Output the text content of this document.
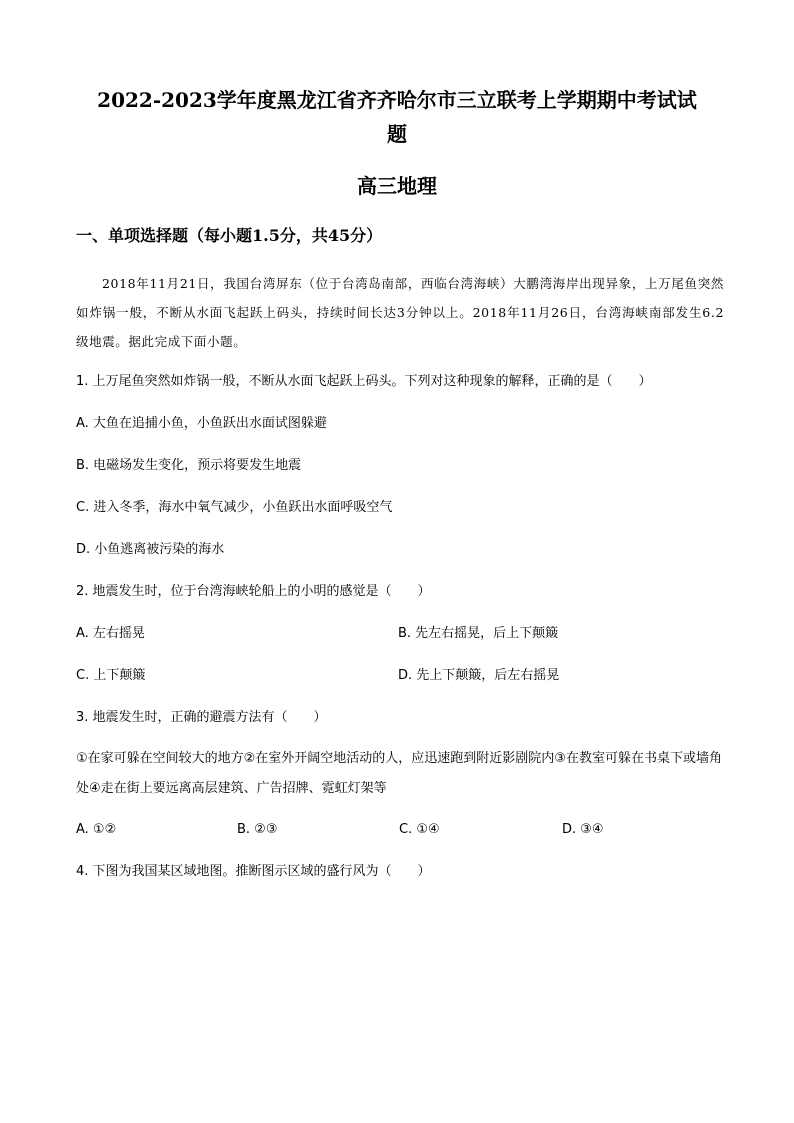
2022-2023学年度黑龙江省齐齐哈尔市三立联考上学期期中考试试
题
高三地理
一、单项选择题（每小题1.5分，共45分）
2018年11月21日，我国台湾屏东（位于台湾岛南部，西临台湾海峡）大鹏湾海岸出现异象，上万尾鱼突然如炸锅一般，不断从水面飞起跃上码头，持续时间长达3分钟以上。2018年11月26日，台湾海峡南部发生6.2级地震。据此完成下面小题。
1. 上万尾鱼突然如炸锅一般，不断从水面飞起跃上码头。下列对这种现象的解释，正确的是（　　）
A. 大鱼在追捕小鱼，小鱼跃出水面试图躲避
B. 电磁场发生变化，预示将要发生地震
C. 进入冬季，海水中氧气减少，小鱼跃出水面呼吸空气
D. 小鱼逃离被污染的海水
2. 地震发生时，位于台湾海峡轮船上的小明的感觉是（　　）
A. 左右摇晃	B. 先左右摇晃，后上下颠簸
C. 上下颠簸	D. 先上下颠簸，后左右摇晃
3. 地震发生时，正确的避震方法有（　　）
①在家可躲在空间较大的地方②在室外开阔空地活动的人，应迅速跑到附近影剧院内③在教室可躲在书桌下或墙角处④走在街上要远离高层建筑、广告招牌、霓虹灯架等
A. ①②	B. ②③	C. ①④	D. ③④
4. 下图为我国某区域地图。推断图示区域的盛行风为（　　）
